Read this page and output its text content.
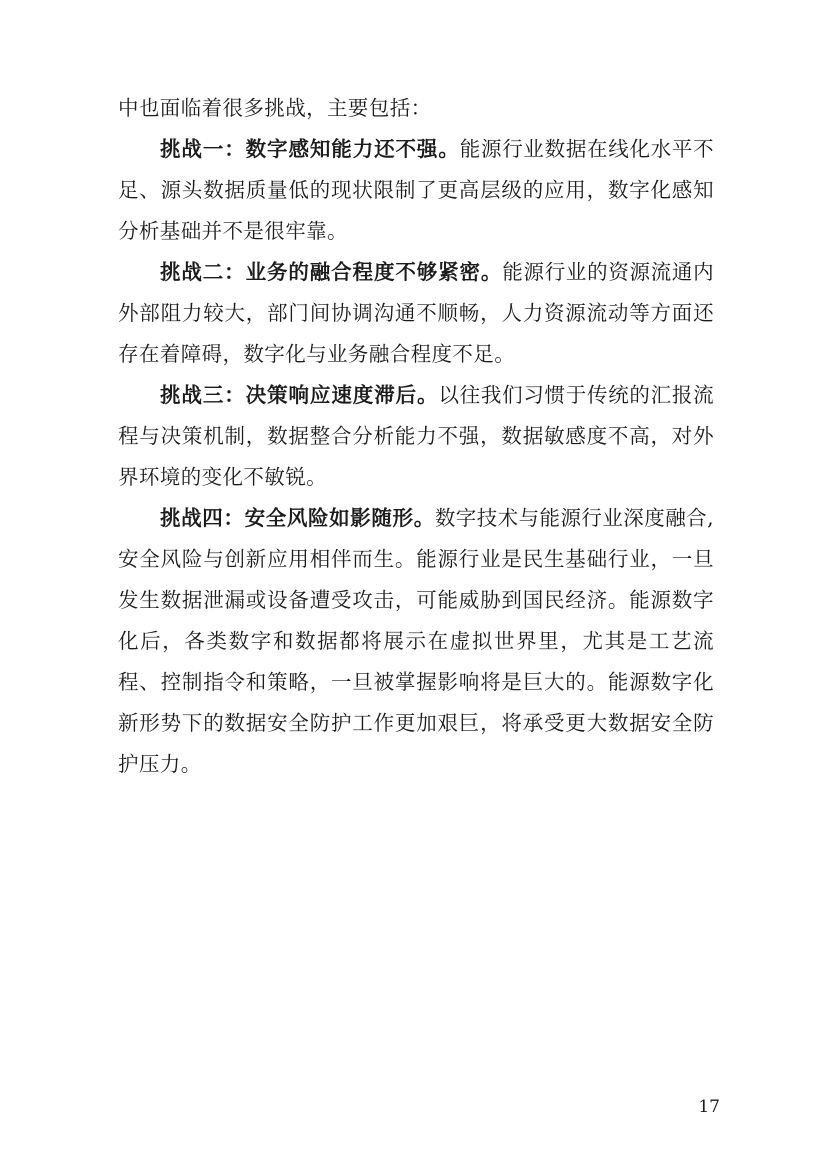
中也面临着很多挑战，主要包括：

挑战一：数字感知能力还不强。能源行业数据在线化水平不足、源头数据质量低的现状限制了更高层级的应用，数字化感知分析基础并不是很牢靠。

挑战二：业务的融合程度不够紧密。能源行业的资源流通内外部阻力较大，部门间协调沟通不顺畅，人力资源流动等方面还存在着障碍，数字化与业务融合程度不足。

挑战三：决策响应速度滞后。以往我们习惯于传统的汇报流程与决策机制，数据整合分析能力不强，数据敏感度不高，对外界环境的变化不敏锐。

挑战四：安全风险如影随形。数字技术与能源行业深度融合,安全风险与创新应用相伴而生。能源行业是民生基础行业，一旦发生数据泄漏或设备遭受攻击，可能威胁到国民经济。能源数字化后，各类数字和数据都将展示在虚拟世界里，尤其是工艺流程、控制指令和策略，一旦被掌握影响将是巨大的。能源数字化新形势下的数据安全防护工作更加艰巨，将承受更大数据安全防护压力。

17
